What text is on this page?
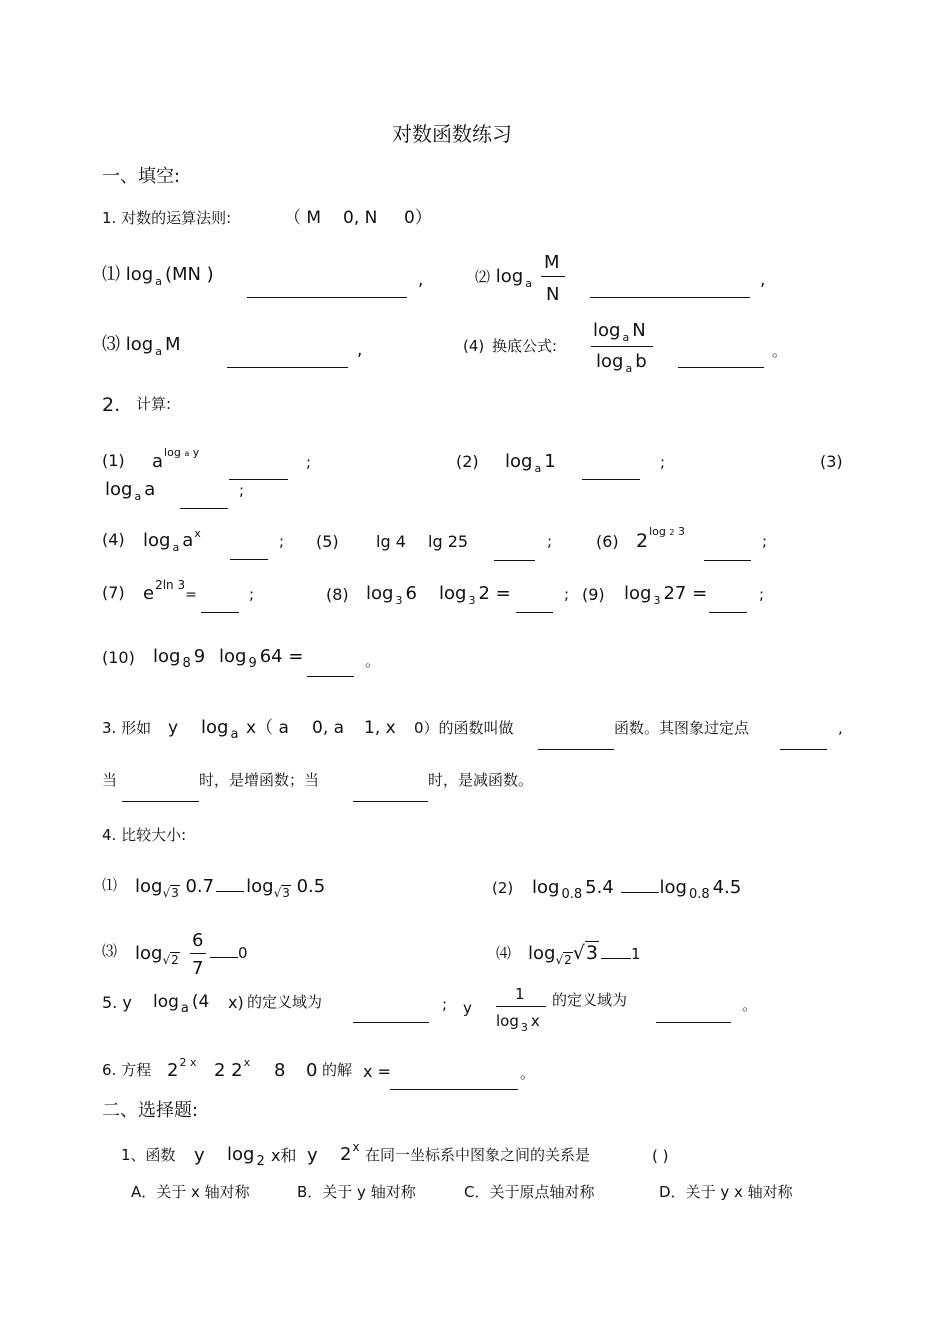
对数函数练习
一、填空:
1. 对数的运算法则:	（ M 0, N 0）
⑴ log $_a$ (MN )	,	⑵ log $_a$
M
N
,
⑶ log $_a$ M	,	(4) 换底公式:
log $_a$ N
log $_a$ b	。
2. 计算:
(1) $a^{log a y}$
;	(2) log $_a$ 1	;	(3)
log $_a$ a	;
(4) log $_a$ $a^x$	; (5) lg 4 lg 25	;	(6) $2^{log 2 3}$
;
(7) $e^{2ln 3}=$	;	(8) log $_3$ 6 log $_3$ 2 =	; (9) log $_3$ 27 =	;
(10) log $_8$ 9 log $_9$ 64 =	。
3. 形如 y log $_a$ x（ a 0, a 1, x 0）的函数叫做	函数。其图象过定点	,
当	时，是增函数；当	时，是减函数。
4. 比较大小:
⑴ $\log_{√3} 0.7$ $\log_{√3} 0.5$	(2) log $_{0.8}$ 5.4	log $_{0.8}$ 4.5
⑶ $\log_{√2}$
6
7
0	⑷ $\log_{√2}√3$ 1
5. y log $_a$ (4 x) 的定义域为	; y
1
log $_3$ x
的定义域为	。
6. 方程 $2^{2 x}$ 2 2$^x$ 8 0 的解 x =	。
二、选择题:
1、函数 y log $_2$ x和 y 2$^x$ 在同一坐标系中图象之间的关系是	( )
A．关于 x 轴对称	B．关于 y 轴对称	C．关于原点轴对称	D．关于 y x 轴对称
